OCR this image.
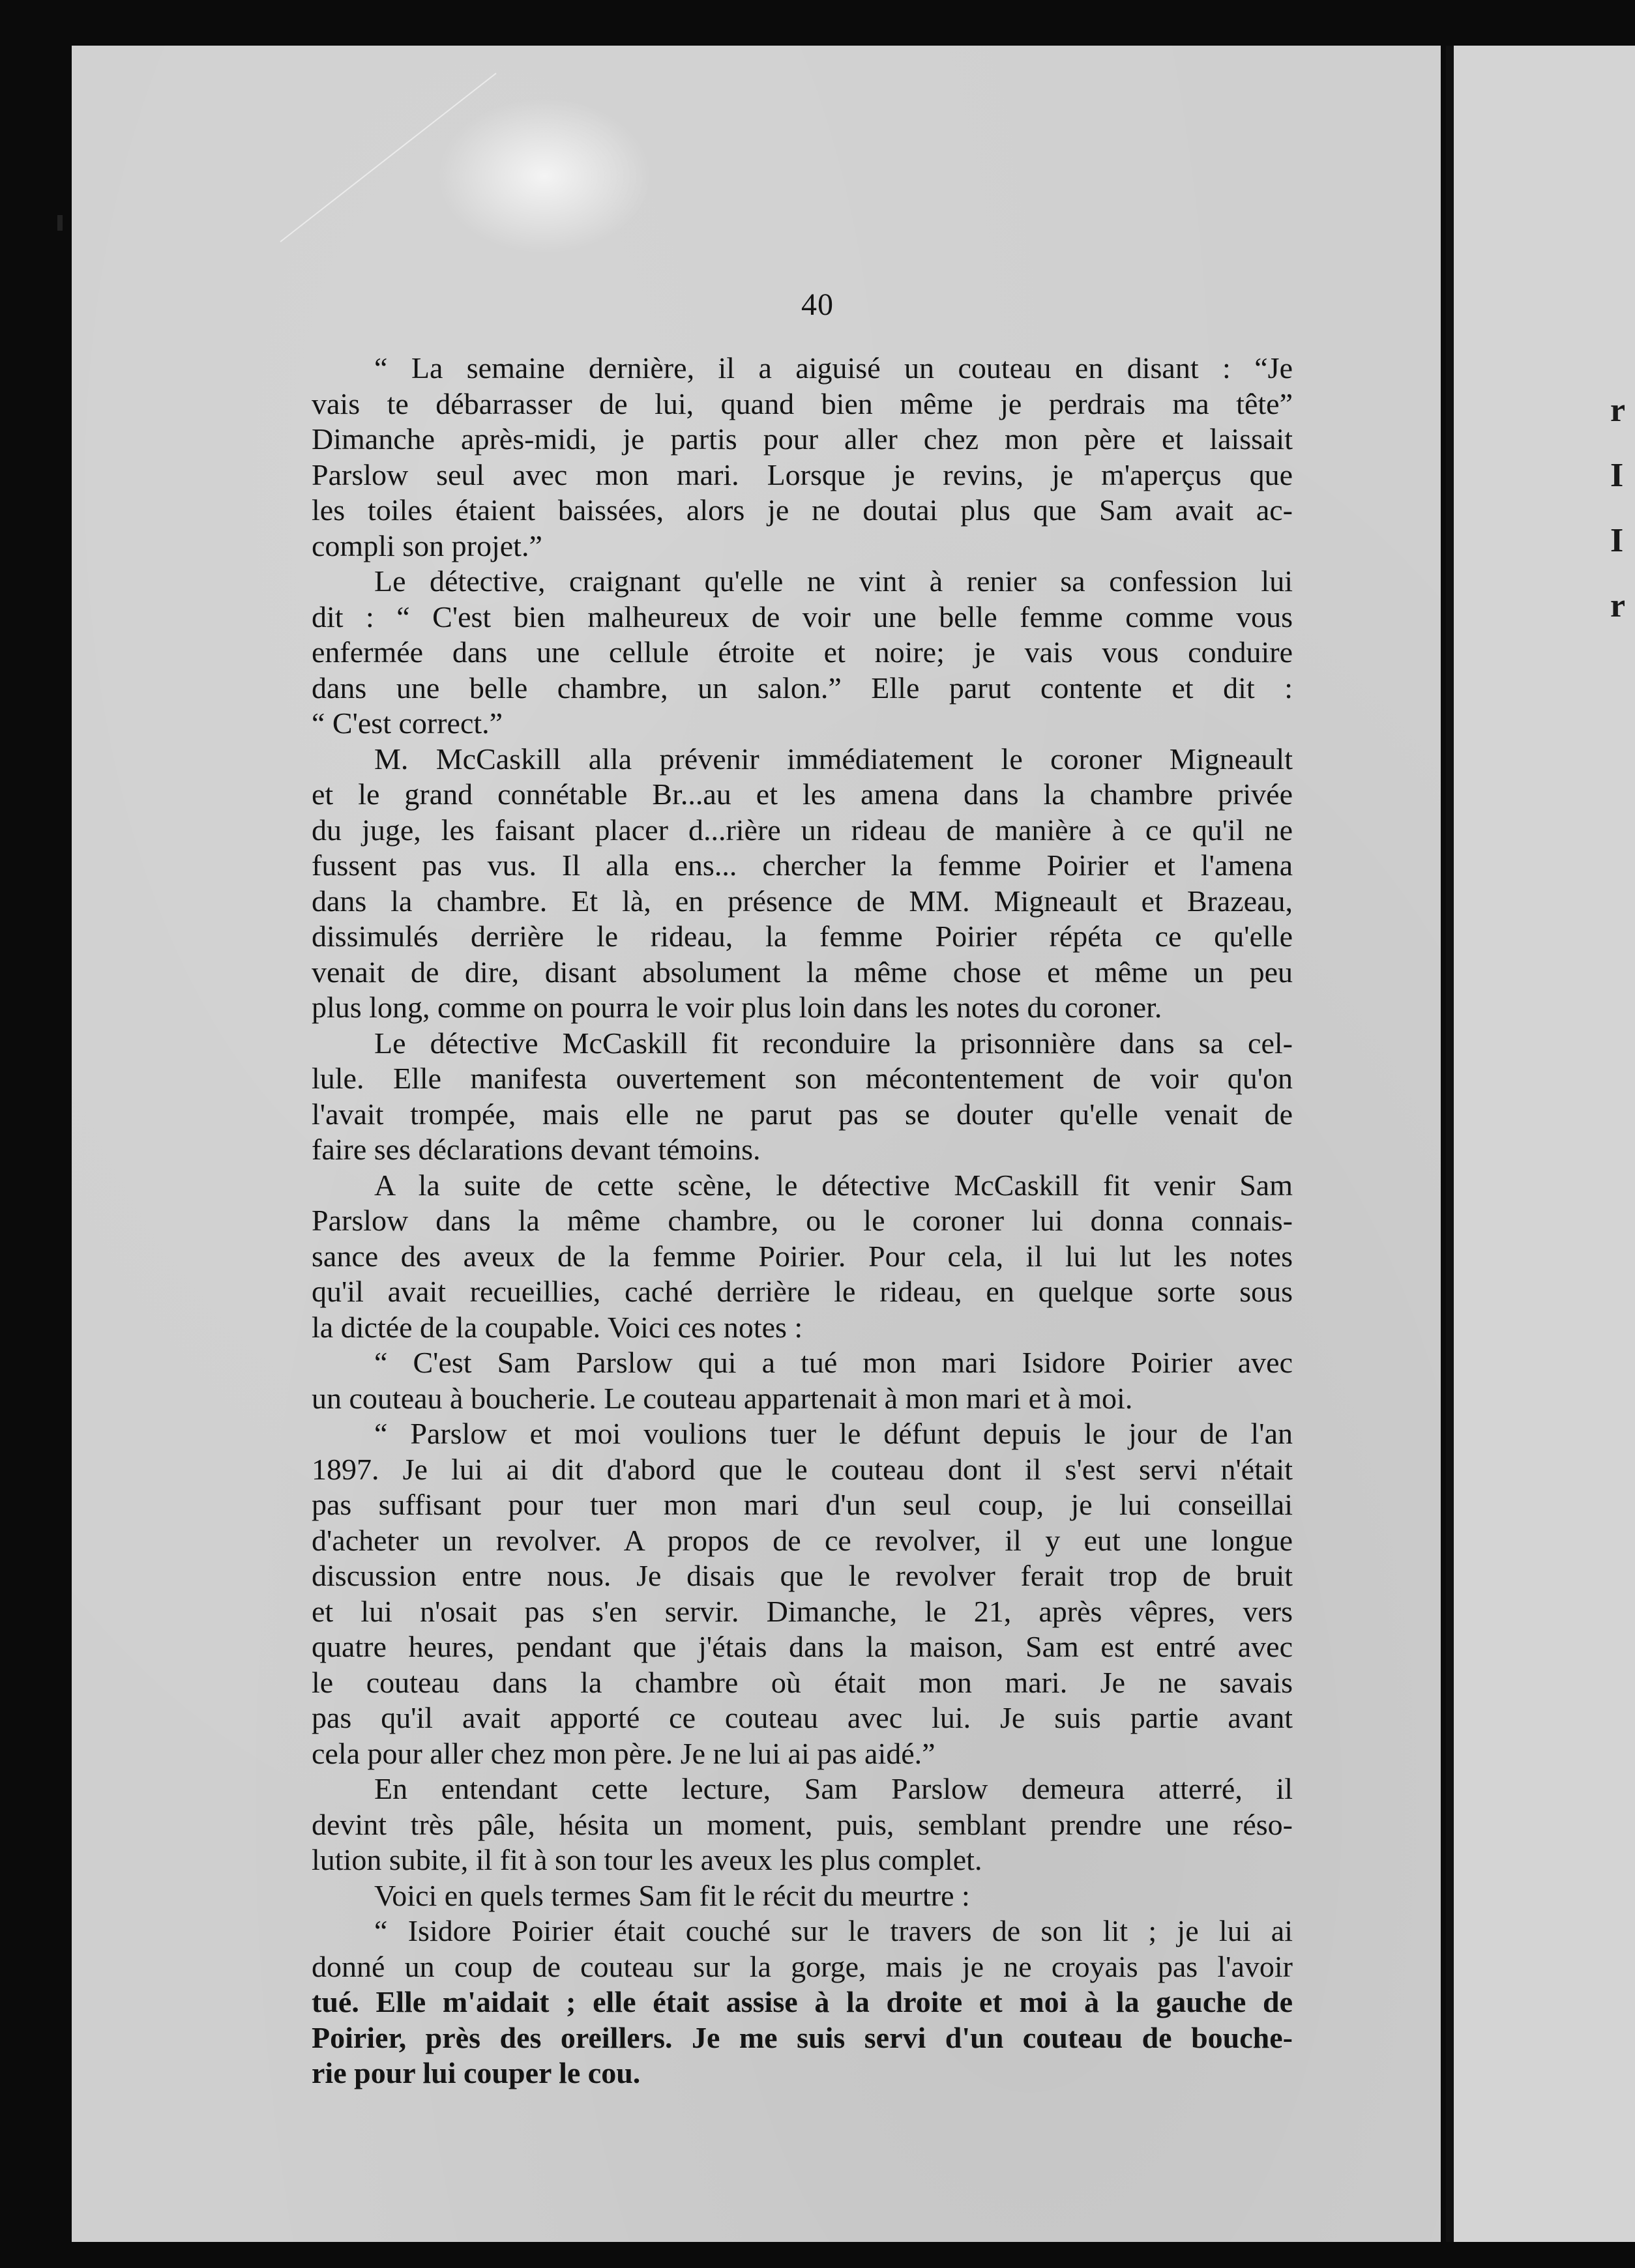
r
I
I
r
40
“ La semaine dernière, il a aiguisé un couteau en disant : “Je
vais te débarrasser de lui, quand bien même je perdrais ma tête”
Dimanche après-midi, je partis pour aller chez mon père et laissait
Parslow seul avec mon mari. Lorsque je revins, je m'aperçus que
les toiles étaient baissées, alors je ne doutai plus que Sam avait ac-
compli son projet.”
Le détective, craignant qu'elle ne vint à renier sa confession lui
dit : “ C'est bien malheureux de voir une belle femme comme vous
enfermée dans une cellule étroite et noire; je vais vous conduire
dans une belle chambre, un salon.” Elle parut contente et dit :
“ C'est correct.”
M. McCaskill alla prévenir immédiatement le coroner Migneault
et le grand connétable Br...au et les amena dans la chambre privée
du juge, les faisant placer d...rière un rideau de manière à ce qu'il ne
fussent pas vus. Il alla ens... chercher la femme Poirier et l'amena
dans la chambre. Et là, en présence de MM. Migneault et Brazeau,
dissimulés derrière le rideau, la femme Poirier répéta ce qu'elle
venait de dire, disant absolument la même chose et même un peu
plus long, comme on pourra le voir plus loin dans les notes du coroner.
Le détective McCaskill fit reconduire la prisonnière dans sa cel-
lule. Elle manifesta ouvertement son mécontentement de voir qu'on
l'avait trompée, mais elle ne parut pas se douter qu'elle venait de
faire ses déclarations devant témoins.
A la suite de cette scène, le détective McCaskill fit venir Sam
Parslow dans la même chambre, ou le coroner lui donna connais-
sance des aveux de la femme Poirier. Pour cela, il lui lut les notes
qu'il avait recueillies, caché derrière le rideau, en quelque sorte sous
la dictée de la coupable. Voici ces notes :
“ C'est Sam Parslow qui a tué mon mari Isidore Poirier avec
un couteau à boucherie. Le couteau appartenait à mon mari et à moi.
“ Parslow et moi voulions tuer le défunt depuis le jour de l'an
1897. Je lui ai dit d'abord que le couteau dont il s'est servi n'était
pas suffisant pour tuer mon mari d'un seul coup, je lui conseillai
d'acheter un revolver. A propos de ce revolver, il y eut une longue
discussion entre nous. Je disais que le revolver ferait trop de bruit
et lui n'osait pas s'en servir. Dimanche, le 21, après vêpres, vers
quatre heures, pendant que j'étais dans la maison, Sam est entré avec
le couteau dans la chambre où était mon mari. Je ne savais
pas qu'il avait apporté ce couteau avec lui. Je suis partie avant
cela pour aller chez mon père. Je ne lui ai pas aidé.”
En entendant cette lecture, Sam Parslow demeura atterré, il
devint très pâle, hésita un moment, puis, semblant prendre une réso-
lution subite, il fit à son tour les aveux les plus complet.
Voici en quels termes Sam fit le récit du meurtre :
“ Isidore Poirier était couché sur le travers de son lit ; je lui ai
donné un coup de couteau sur la gorge, mais je ne croyais pas l'avoir
tué. Elle m'aidait ; elle était assise à la droite et moi à la gauche de
Poirier, près des oreillers. Je me suis servi d'un couteau de bouche-
rie pour lui couper le cou.
